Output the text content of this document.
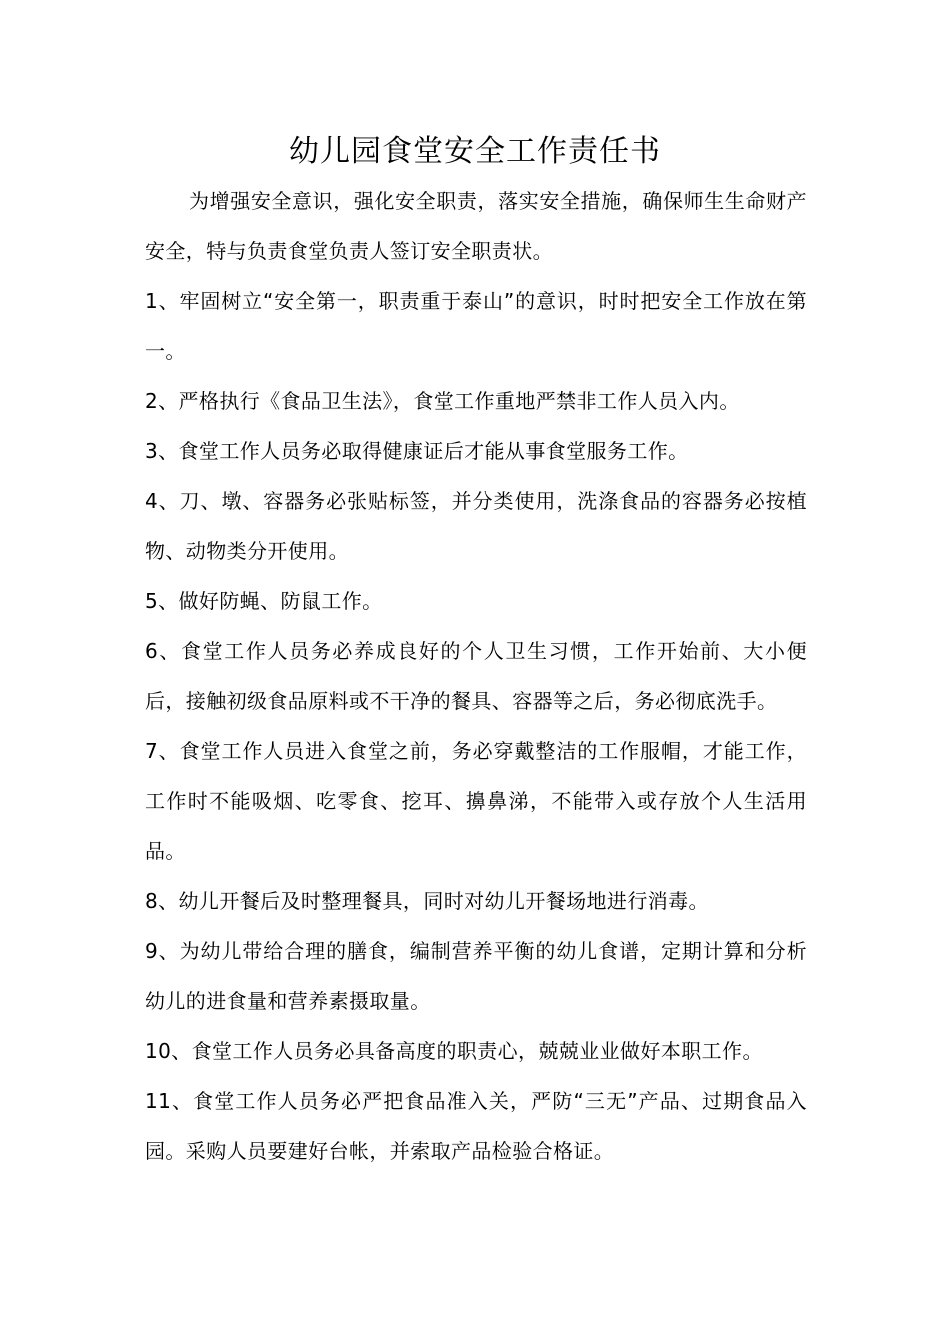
幼儿园食堂安全工作责任书

为增强安全意识，强化安全职责，落实安全措施，确保师生生命财产安全，特与负责食堂负责人签订安全职责状。

1、牢固树立“安全第一，职责重于泰山”的意识，时时把安全工作放在第一。

2、严格执行《食品卫生法》，食堂工作重地严禁非工作人员入内。

3、食堂工作人员务必取得健康证后才能从事食堂服务工作。

4、刀、墩、容器务必张贴标签，并分类使用，洗涤食品的容器务必按植物、动物类分开使用。

5、做好防蝇、防鼠工作。

6、食堂工作人员务必养成良好的个人卫生习惯，工作开始前、大小便后，接触初级食品原料或不干净的餐具、容器等之后，务必彻底洗手。

7、食堂工作人员进入食堂之前，务必穿戴整洁的工作服帽，才能工作，工作时不能吸烟、吃零食、挖耳、擤鼻涕，不能带入或存放个人生活用品。

8、幼儿开餐后及时整理餐具，同时对幼儿开餐场地进行消毒。

9、为幼儿带给合理的膳食，编制营养平衡的幼儿食谱，定期计算和分析幼儿的进食量和营养素摄取量。

10、食堂工作人员务必具备高度的职责心，兢兢业业做好本职工作。

11、食堂工作人员务必严把食品准入关，严防“三无”产品、过期食品入园。采购人员要建好台帐，并索取产品检验合格证。
